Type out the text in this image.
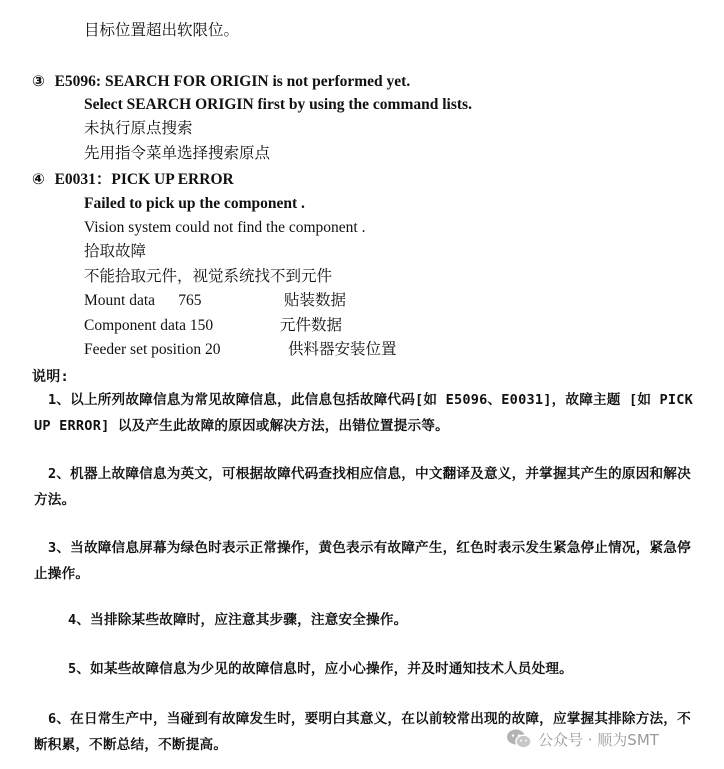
目标位置超出软限位。
③ E5096: SEARCH FOR ORIGIN is not performed yet.
Select SEARCH ORIGIN first by using the command lists.
未执行原点搜索
先用指令菜单选择搜索原点
④ E0031：PICK UP ERROR
Failed to pick up the component .
Vision system could not find the component .
拾取故障
不能拾取元件，视觉系统找不到元件
Mount data      765	贴装数据
Component data 150	元件数据
Feeder set position 20	供料器安装位置
说明:
1、以上所列故障信息为常见故障信息，此信息包括故障代码[如 E5096、E0031]，故障主题 [如 PICK UP ERROR] 以及产生此故障的原因或解决方法，出错位置提示等。
2、机器上故障信息为英文，可根据故障代码查找相应信息，中文翻译及意义，并掌握其产生的原因和解决方法。
3、当故障信息屏幕为绿色时表示正常操作，黄色表示有故障产生，红色时表示发生紧急停止情况，紧急停止操作。
4、当排除某些故障时，应注意其步骤，注意安全操作。
5、如某些故障信息为少见的故障信息时，应小心操作，并及时通知技术人员处理。
6、在日常生产中，当碰到有故障发生时，要明白其意义，在以前较常出现的故障，应掌握其排除方法，不断积累，不断总结，不断提高。	公众号 · 顺为SMT
